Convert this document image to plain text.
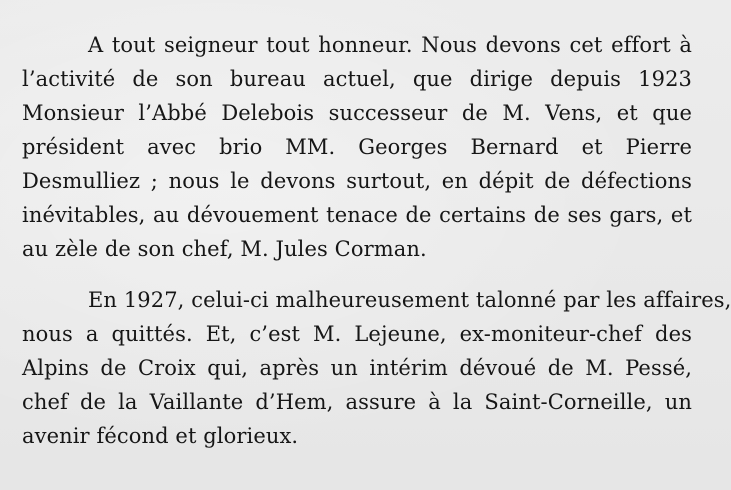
A tout seigneur tout honneur. Nous devons cet effort à
l’activité de son bureau actuel, que dirige depuis 1923
Monsieur l’Abbé Delebois successeur de M. Vens, et que
président avec brio MM. Georges Bernard et Pierre
Desmulliez ; nous le devons surtout, en dépit de défections
inévitables, au dévouement tenace de certains de ses gars, et
au zèle de son chef, M. Jules Corman.
En 1927, celui-ci malheureusement talonné par les affaires,
nous a quittés. Et, c’est M. Lejeune, ex-moniteur-chef des
Alpins de Croix qui, après un intérim dévoué de M. Pessé,
chef de la Vaillante d’Hem, assure à la Saint-Corneille, un
avenir fécond et glorieux.
